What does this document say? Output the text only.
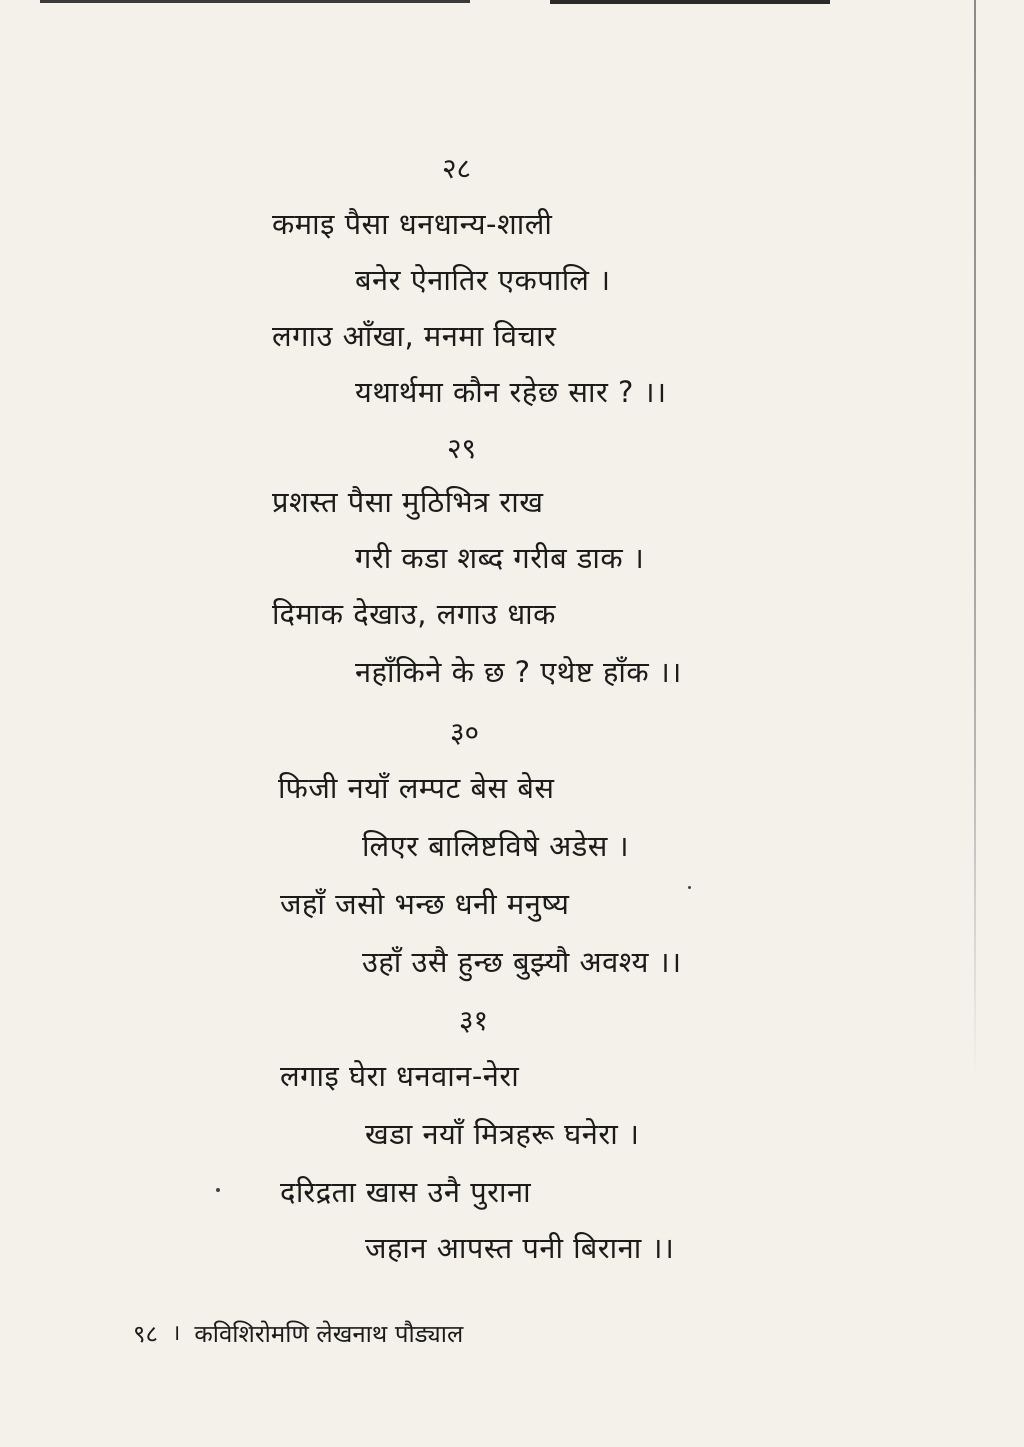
२८
कमाइ पैसा धनधान्य-शाली
बनेर ऐनातिर एकपालि ।
लगाउ आँखा, मनमा विचार
यथार्थमा कौन रहेछ सार ? ।।
२९
प्रशस्त पैसा मुठिभित्र राख
गरी कडा शब्द गरीब डाक ।
दिमाक देखाउ, लगाउ धाक
नहाँकिने के छ ? एथेष्ट हाँक ।।
३०
फिजी नयाँ लम्पट बेस बेस
लिएर बालिष्टविषे अडेस ।
जहाँ जसो भन्छ धनी मनुष्य
उहाँ उसै हुन्छ बुझ्यौ अवश्य ।।
३१
लगाइ घेरा धनवान-नेरा
खडा नयाँ मित्रहरू घनेरा ।
दरिद्रता खास उनै पुराना
जहान आपस्त पनी बिराना ।।
९८ । कविशिरोमणि लेखनाथ पौड्याल
